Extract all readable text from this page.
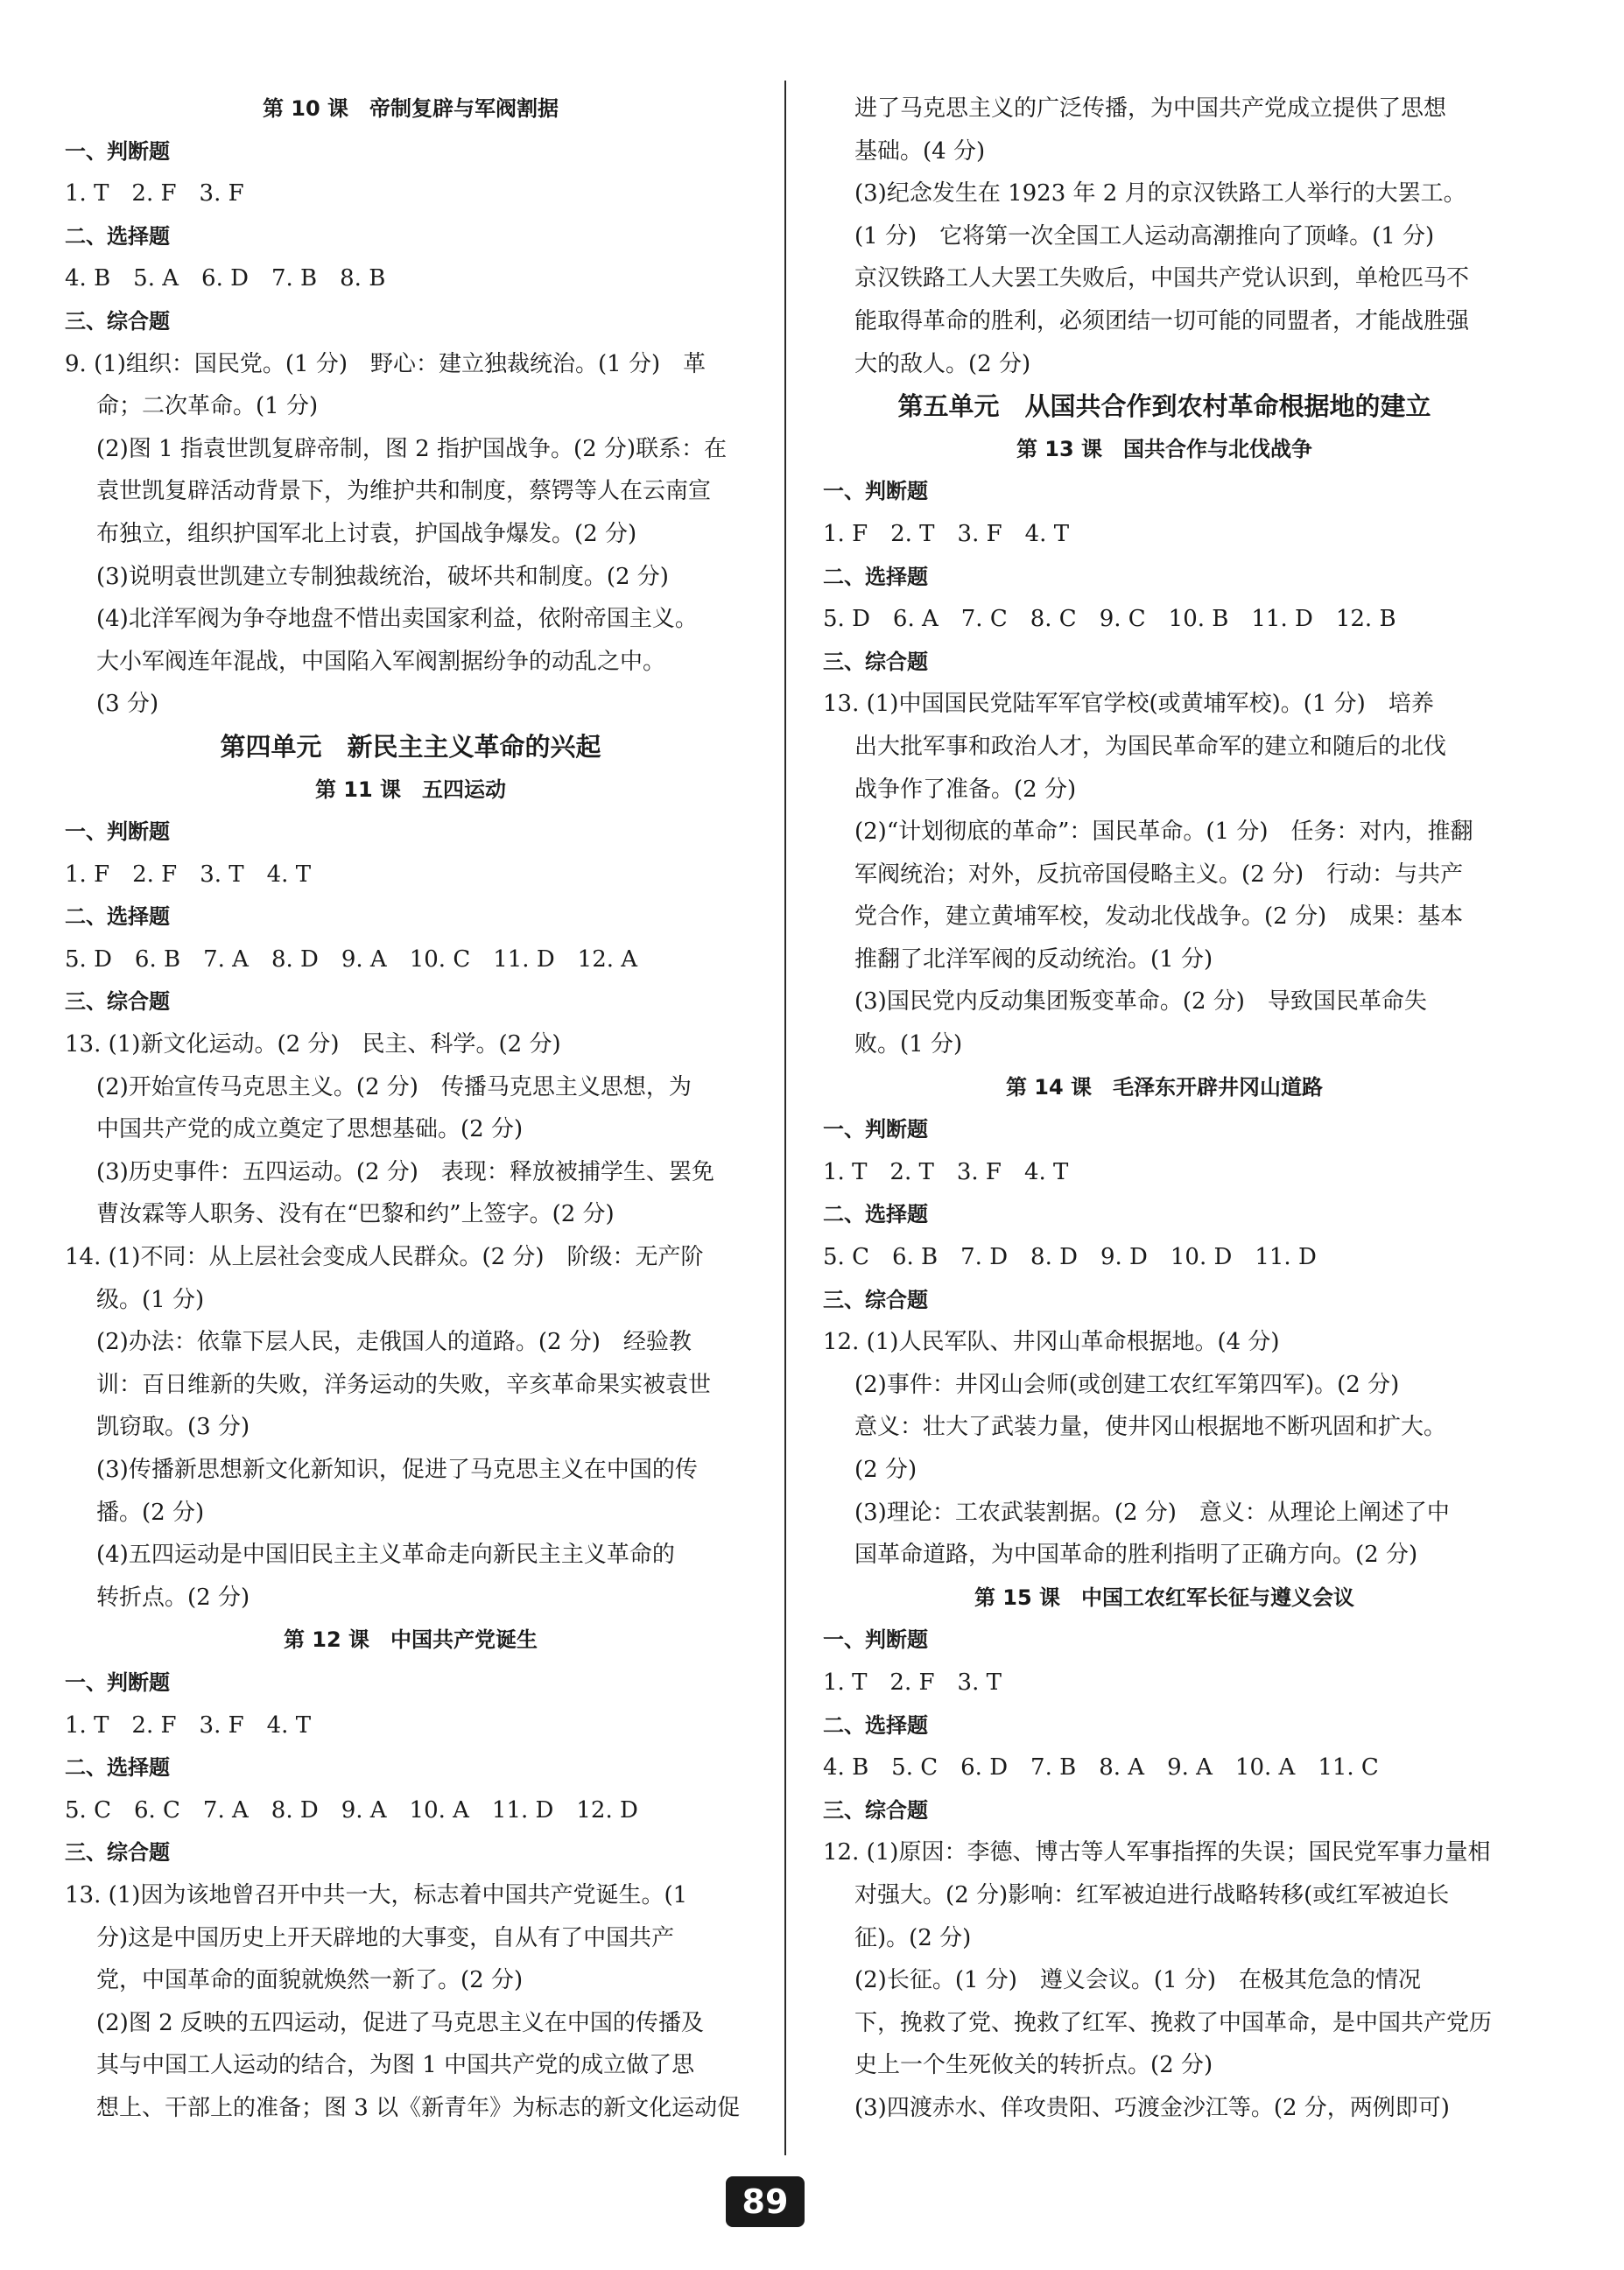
第 10 课　帝制复辟与军阀割据
一、判断题
1. T　2. F　3. F
二、选择题
4. B　5. A　6. D　7. B　8. B
三、综合题
9. (1)组织：国民党。(1 分)　野心：建立独裁统治。(1 分)　革
命；二次革命。(1 分)
(2)图 1 指袁世凯复辟帝制，图 2 指护国战争。(2 分)联系：在
袁世凯复辟活动背景下，为维护共和制度，蔡锷等人在云南宣
布独立，组织护国军北上讨袁，护国战争爆发。(2 分)
(3)说明袁世凯建立专制独裁统治，破坏共和制度。(2 分)
(4)北洋军阀为争夺地盘不惜出卖国家利益，依附帝国主义。
大小军阀连年混战，中国陷入军阀割据纷争的动乱之中。
(3 分)
第四单元　新民主主义革命的兴起
第 11 课　五四运动
一、判断题
1. F　2. F　3. T　4. T
二、选择题
5. D　6. B　7. A　8. D　9. A　10. C　11. D　12. A
三、综合题
13. (1)新文化运动。(2 分)　民主、科学。(2 分)
(2)开始宣传马克思主义。(2 分)　传播马克思主义思想，为
中国共产党的成立奠定了思想基础。(2 分)
(3)历史事件：五四运动。(2 分)　表现：释放被捕学生、罢免
曹汝霖等人职务、没有在“巴黎和约”上签字。(2 分)
14. (1)不同：从上层社会变成人民群众。(2 分)　阶级：无产阶
级。(1 分)
(2)办法：依靠下层人民，走俄国人的道路。(2 分)　经验教
训：百日维新的失败，洋务运动的失败，辛亥革命果实被袁世
凯窃取。(3 分)
(3)传播新思想新文化新知识，促进了马克思主义在中国的传
播。(2 分)
(4)五四运动是中国旧民主主义革命走向新民主主义革命的
转折点。(2 分)
第 12 课　中国共产党诞生
一、判断题
1. T　2. F　3. F　4. T
二、选择题
5. C　6. C　7. A　8. D　9. A　10. A　11. D　12. D
三、综合题
13. (1)因为该地曾召开中共一大，标志着中国共产党诞生。(1
分)这是中国历史上开天辟地的大事变，自从有了中国共产
党，中国革命的面貌就焕然一新了。(2 分)
(2)图 2 反映的五四运动，促进了马克思主义在中国的传播及
其与中国工人运动的结合，为图 1 中国共产党的成立做了思
想上、干部上的准备；图 3 以《新青年》为标志的新文化运动促
进了马克思主义的广泛传播，为中国共产党成立提供了思想
基础。(4 分)
(3)纪念发生在 1923 年 2 月的京汉铁路工人举行的大罢工。
(1 分)　它将第一次全国工人运动高潮推向了顶峰。(1 分)
京汉铁路工人大罢工失败后，中国共产党认识到，单枪匹马不
能取得革命的胜利，必须团结一切可能的同盟者，才能战胜强
大的敌人。(2 分)
第五单元　从国共合作到农村革命根据地的建立
第 13 课　国共合作与北伐战争
一、判断题
1. F　2. T　3. F　4. T
二、选择题
5. D　6. A　7. C　8. C　9. C　10. B　11. D　12. B
三、综合题
13. (1)中国国民党陆军军官学校(或黄埔军校)。(1 分)　培养
出大批军事和政治人才，为国民革命军的建立和随后的北伐
战争作了准备。(2 分)
(2)“计划彻底的革命”：国民革命。(1 分)　任务：对内，推翻
军阀统治；对外，反抗帝国侵略主义。(2 分)　行动：与共产
党合作，建立黄埔军校，发动北伐战争。(2 分)　成果：基本
推翻了北洋军阀的反动统治。(1 分)
(3)国民党内反动集团叛变革命。(2 分)　导致国民革命失
败。(1 分)
第 14 课　毛泽东开辟井冈山道路
一、判断题
1. T　2. T　3. F　4. T
二、选择题
5. C　6. B　7. D　8. D　9. D　10. D　11. D
三、综合题
12. (1)人民军队、井冈山革命根据地。(4 分)
(2)事件：井冈山会师(或创建工农红军第四军)。(2 分)
意义：壮大了武装力量，使井冈山根据地不断巩固和扩大。
(2 分)
(3)理论：工农武装割据。(2 分)　意义：从理论上阐述了中
国革命道路，为中国革命的胜利指明了正确方向。(2 分)
第 15 课　中国工农红军长征与遵义会议
一、判断题
1. T　2. F　3. T
二、选择题
4. B　5. C　6. D　7. B　8. A　9. A　10. A　11. C
三、综合题
12. (1)原因：李德、博古等人军事指挥的失误；国民党军事力量相
对强大。(2 分)影响：红军被迫进行战略转移(或红军被迫长
征)。(2 分)
(2)长征。(1 分)　遵义会议。(1 分)　在极其危急的情况
下，挽救了党、挽救了红军、挽救了中国革命，是中国共产党历
史上一个生死攸关的转折点。(2 分)
(3)四渡赤水、佯攻贵阳、巧渡金沙江等。(2 分，两例即可)
89
